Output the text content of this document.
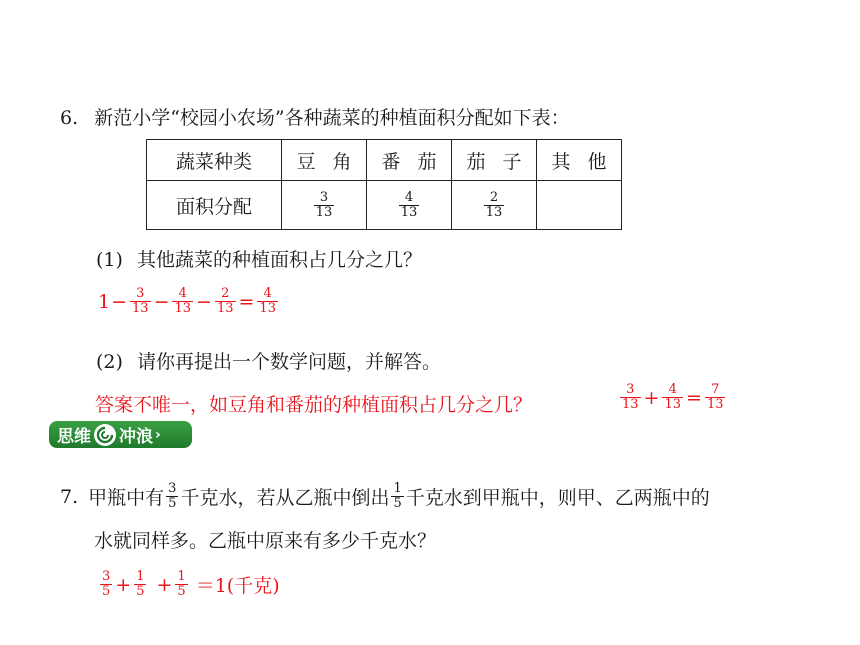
6. 新范小学“校园小农场”各种蔬菜的种植面积分配如下表：
蔬菜种类	豆角	番茄	茄子	其他
面积分配	$\frac{3}{13}$	$\frac{4}{13}$	$\frac{2}{13}$

(1) 其他蔬菜的种植面积占几分之几？
$1 - \frac{3}{13} - \frac{4}{13} - \frac{2}{13} = \frac{4}{13}$
(2) 请你再提出一个数学问题，并解答。
答案不唯一，如豆角和番茄的种植面积占几分之几？	$\frac{3}{13} + \frac{4}{13} = \frac{7}{13}$
思维 冲浪 ›
7. 甲瓶中有 $\frac{3}{5}$ 千克水，若从乙瓶中倒出 $\frac{1}{5}$ 千克水到甲瓶中，则甲、乙两瓶中的
水就同样多。乙瓶中原来有多少千克水？
$\frac{3}{5} + \frac{1}{5} + \frac{1}{5} =1$(千克)
